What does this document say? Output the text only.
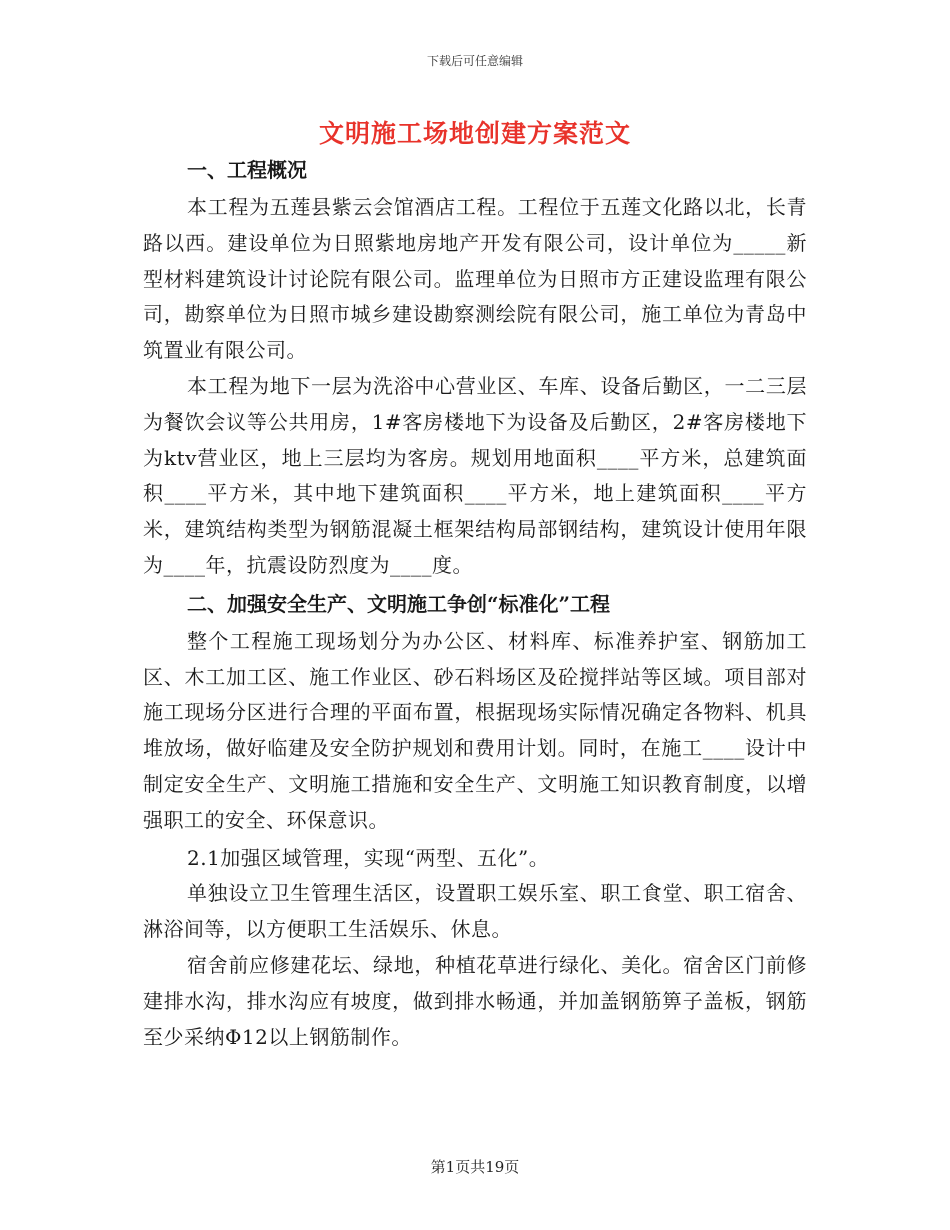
下载后可任意编辑
文明施工场地创建方案范文

一、工程概况

本工程为五莲县紫云会馆酒店工程。工程位于五莲文化路以北，长青路以西。建设单位为日照紫地房地产开发有限公司，设计单位为_____新型材料建筑设计讨论院有限公司。监理单位为日照市方正建设监理有限公司，勘察单位为日照市城乡建设勘察测绘院有限公司，施工单位为青岛中筑置业有限公司。

本工程为地下一层为洗浴中心营业区、车库、设备后勤区，一二三层为餐饮会议等公共用房，1#客房楼地下为设备及后勤区，2#客房楼地下为ktv营业区，地上三层均为客房。规划用地面积____平方米，总建筑面积____平方米，其中地下建筑面积____平方米，地上建筑面积____平方米，建筑结构类型为钢筋混凝土框架结构局部钢结构，建筑设计使用年限为____年，抗震设防烈度为____度。

二、加强安全生产、文明施工争创“标准化”工程

整个工程施工现场划分为办公区、材料库、标准养护室、钢筋加工区、木工加工区、施工作业区、砂石料场区及砼搅拌站等区域。项目部对施工现场分区进行合理的平面布置，根据现场实际情况确定各物料、机具堆放场，做好临建及安全防护规划和费用计划。同时，在施工____设计中制定安全生产、文明施工措施和安全生产、文明施工知识教育制度，以增强职工的安全、环保意识。

2.1加强区域管理，实现“两型、五化”。

单独设立卫生管理生活区，设置职工娱乐室、职工食堂、职工宿舍、淋浴间等，以方便职工生活娱乐、休息。

宿舍前应修建花坛、绿地，种植花草进行绿化、美化。宿舍区门前修建排水沟，排水沟应有坡度，做到排水畅通，并加盖钢筋箅子盖板，钢筋至少采纳Φ12以上钢筋制作。

第1页共19页
